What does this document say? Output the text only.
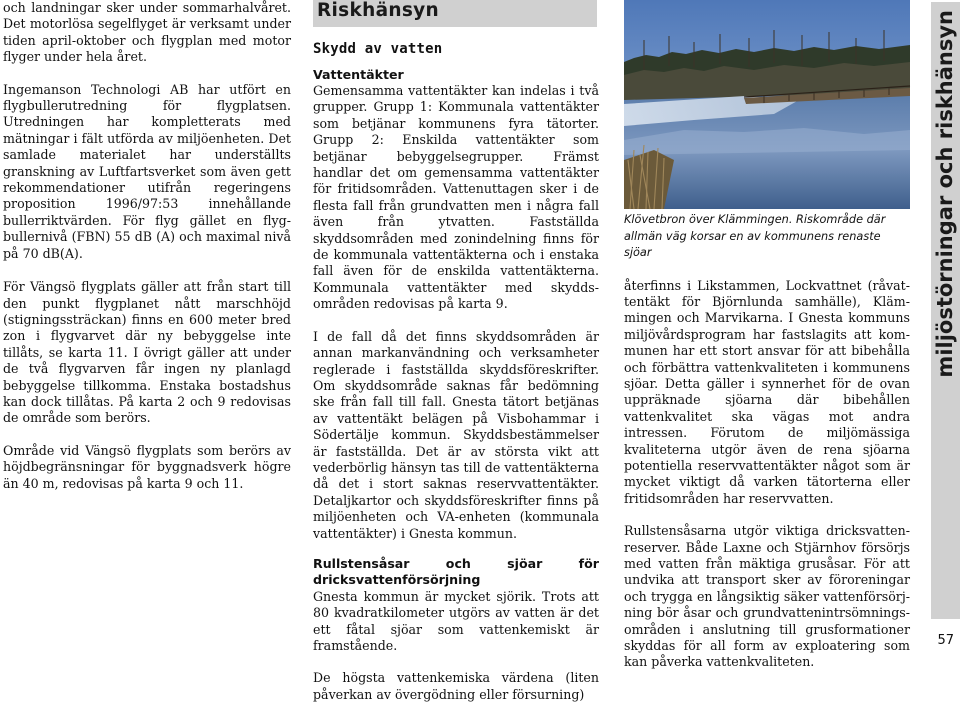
och landningar sker under sommarhalvåret. Det motorlösa segelflyget är verksamt under tiden april-oktober och flygplan med motor flyger under hela året.

Ingemanson Technologi AB har utfört en flygbullerutredning för flygplatsen. Utredningen har kompletterats med mätningar i fält utförda av miljöenheten. Det samlade materialet har underställts granskning av Luftfartsverket som även gett rekommendationer utifrån regeringens proposition 1996/97:53 innehållande bullerriktvärden. För flyg gället en flygbullernivå (FBN) 55 dB (A) och maximal nivå på 70 dB(A).

För Vängsö flygplats gäller att från start till den punkt flygplanet nått marschhöjd (stigningssträckan) finns en 600 meter bred zon i flygvarvet där ny bebyggelse inte tillåts, se karta 11. I övrigt gäller att under de två flygvarven får ingen ny planlagd bebyggelse tillkomma. Enstaka bostadshus kan dock tillåtas. På karta 2 och 9 redovisas de område som berörs.

Område vid Vängsö flygplats som berörs av höjdbegränsningar för byggnadsverk högre än 40 m, redovisas på karta 9 och 11.

Riskhänsyn
Skydd av vatten
Vattentäkter

Gemensamma vattentäkter kan indelas i två grupper. Grupp 1: Kommunala vattentäkter som betjänar kommunens fyra tätorter. Grupp 2: Enskilda vattentäkter som betjänar bebyggelsegrupper. Främst handlar det om gemensamma vattentäkter för fritidsområden. Vattenuttagen sker i de flesta fall från grundvatten men i några fall även från ytvatten. Fastställda skyddsområden med zonindelning finns för de kommunala vattentäkterna och i enstaka fall även för de enskilda vattentäkterna. Kommunala vattentäkter med skyddsområden redovisas på karta 9.

I de fall då det finns skyddsområden är annan markanvändning och verksamheter reglerade i fastställda skyddsföreskrifter. Om skyddsområde saknas får bedömning ske från fall till fall. Gnesta tätort betjänas av vattentäkt belägen på Visbohammar i Södertälje kommun. Skyddsbestämmelser är fastställda. Det är av största vikt att vederbörlig hänsyn tas till de vattentäkterna då det i stort saknas reservvattentäkter. Detaljkartor och skyddsföreskrifter finns på miljöenheten och VA-enheten (kommunala vattentäkter) i Gnesta kommun.

Rullstensåsar och sjöar för dricksvattenförsörjning

Gnesta kommun är mycket sjörik. Trots att 80 kvadratkilometer utgörs av vatten är det ett fåtal sjöar som vattenkemiskt är framstående.

De högsta vattenkemiska värdena (liten påverkan av övergödning eller försurning)

Klövetbron över Klämmingen. Riskområde där allmän väg korsar en av kommunens renaste sjöar

återfinns i Likstammen, Lockvattnet (råvattentäkt för Björnlunda samhälle), Klämmingen och Marvikarna. I Gnesta kommuns miljövårdsprogram har fastslagits att kommunen har ett stort ansvar för att bibehålla och förbättra vattenkvaliteten i kommunens sjöar. Detta gäller i synnerhet för de ovan uppräknade sjöarna där bibehållen vattenkvalitet ska vägas mot andra intressen. Förutom de miljömässiga kvaliteterna utgör även de rena sjöarna potentiella reservvattentäkter något som är mycket viktigt då varken tätorterna eller fritidsområden har reservvatten.

Rullstensåsarna utgör viktiga dricksvattenreserver. Både Laxne och Stjärnhov försörjs med vatten från mäktiga grusåsar. För att undvika att transport sker av föroreningar och trygga en långsiktig säker vattenförsörjning bör åsar och grundvattenintrsömningsområden i anslutning till grusformationer skyddas för all form av exploatering som kan påverka vattenkvaliteten.

miljöstörningar och riskhänsyn
57
